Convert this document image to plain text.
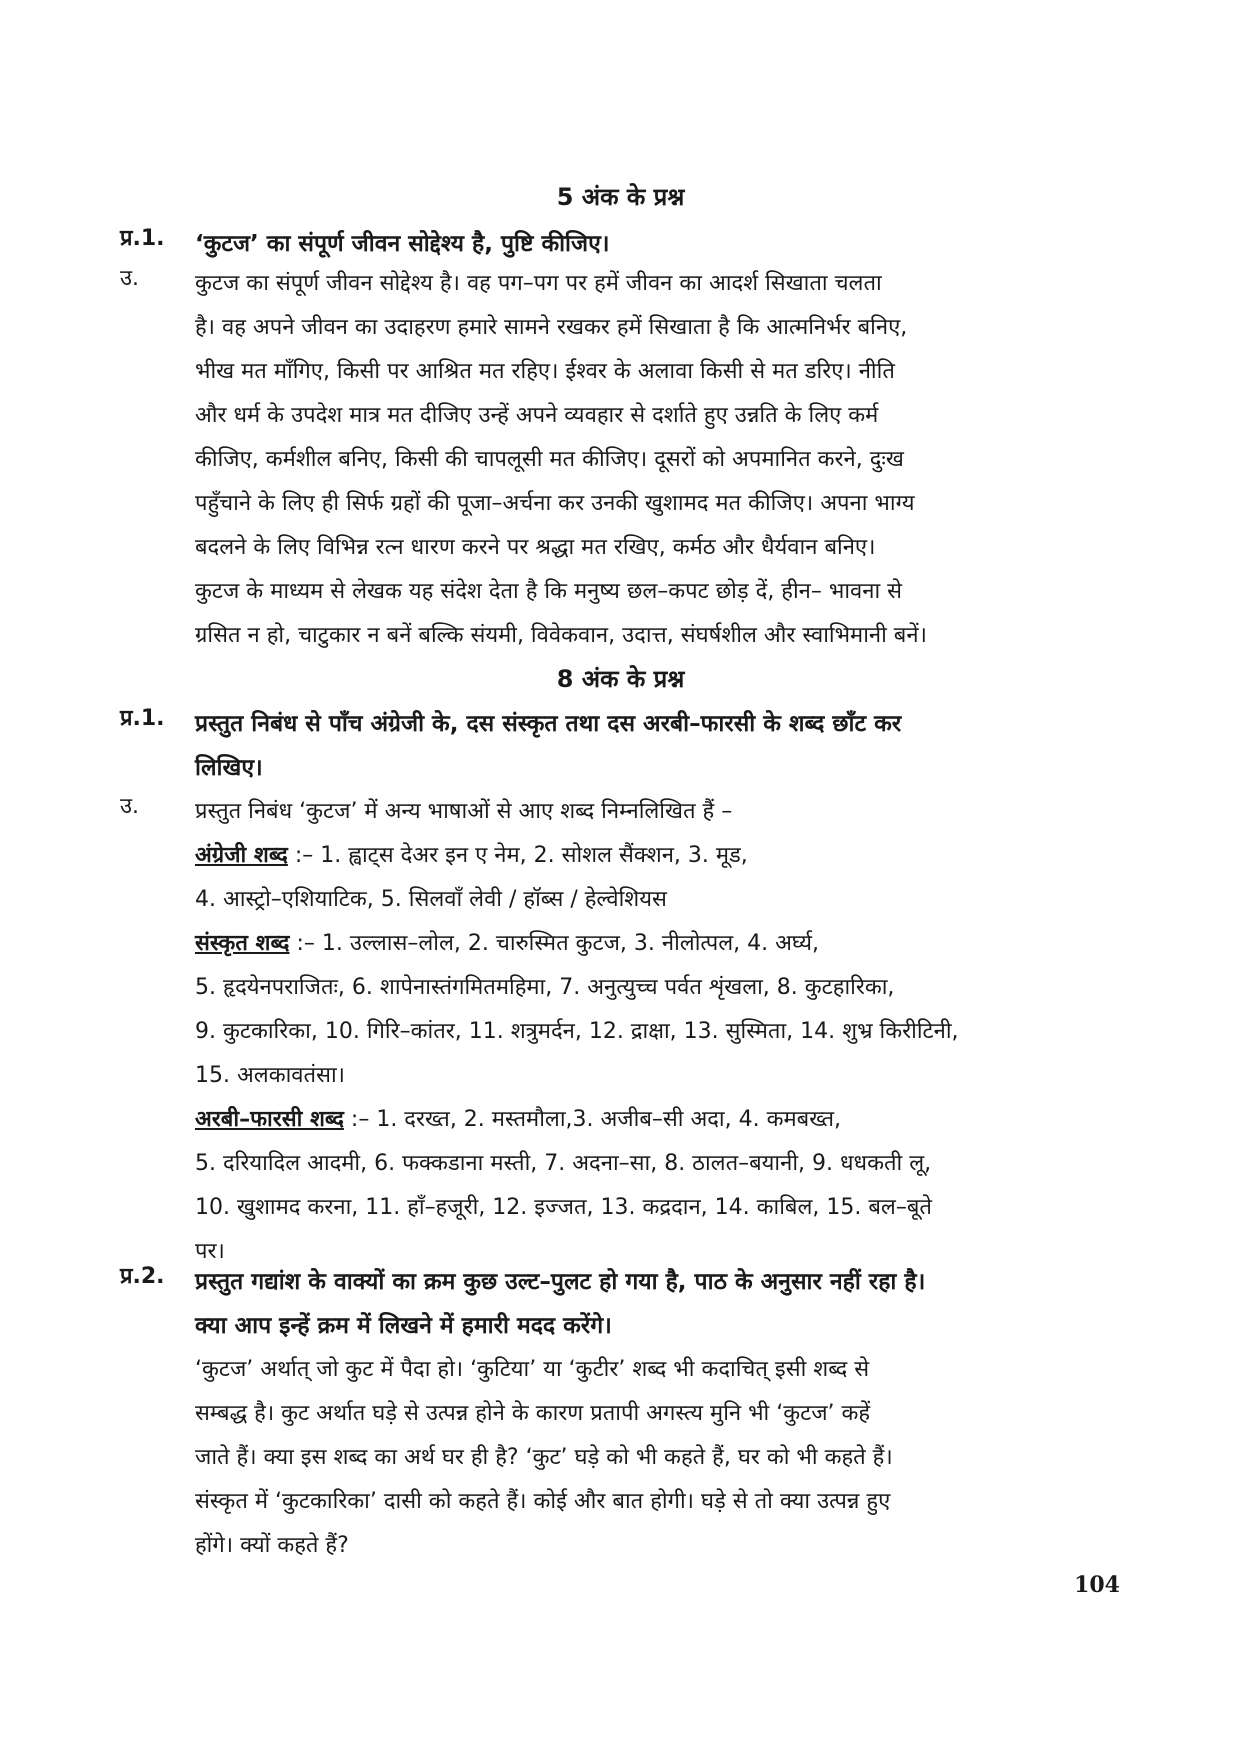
5 अंक के प्रश्न
प्र.1.	‘कुटज’ का संपूर्ण जीवन सोद्देश्य है, पुष्टि कीजिए।
उ.	कुटज का संपूर्ण जीवन सोद्देश्य है। वह पग–पग पर हमें जीवन का आदर्श सिखाता चलता
है। वह अपने जीवन का उदाहरण हमारे सामने रखकर हमें सिखाता है कि आत्मनिर्भर बनिए,
भीख मत माँगिए, किसी पर आश्रित मत रहिए। ईश्वर के अलावा किसी से मत डरिए। नीति
और धर्म के उपदेश मात्र मत दीजिए उन्हें अपने व्यवहार से दर्शाते हुए उन्नति के लिए कर्म
कीजिए, कर्मशील बनिए, किसी की चापलूसी मत कीजिए। दूसरों को अपमानित करने, दुःख
पहुँचाने के लिए ही सिर्फ ग्रहों की पूजा–अर्चना कर उनकी खुशामद मत कीजिए। अपना भाग्य
बदलने के लिए विभिन्न रत्न धारण करने पर श्रद्धा मत रखिए, कर्मठ और धैर्यवान बनिए।
कुटज के माध्यम से लेखक यह संदेश देता है कि मनुष्य छल–कपट छोड़ दें, हीन– भावना से
ग्रसित न हो, चाटुकार न बनें बल्कि संयमी, विवेकवान, उदात्त, संघर्षशील और स्वाभिमानी बनें।
8 अंक के प्रश्न
प्र.1.	प्रस्तुत निबंध से पाँच अंग्रेजी के, दस संस्कृत तथा दस अरबी–फारसी के शब्द छाँट कर
लिखिए।
उ.	प्रस्तुत निबंध ‘कुटज’ में अन्य भाषाओं से आए शब्द निम्नलिखित हैं –
अंग्रेजी शब्द :– 1. ह्वाट्स देअर इन ए नेम, 2. सोशल सैंक्शन, 3. मूड,
4. आस्ट्रो–एशियाटिक, 5. सिलवाँ लेवी / हॉब्स / हेल्वेशियस
संस्कृत शब्द :– 1. उल्लास–लोल, 2. चारुस्मित कुटज, 3. नीलोत्पल, 4. अर्घ्य,
5. हृदयेनपराजितः, 6. शापेनास्तंगमितमहिमा, 7. अनुत्युच्च पर्वत शृंखला, 8. कुटहारिका,
9. कुटकारिका, 10. गिरि–कांतर, 11. शत्रुमर्दन, 12. द्राक्षा, 13. सुस्मिता, 14. शुभ्र किरीटिनी,
15. अलकावतंसा।
अरबी–फारसी शब्द :– 1. दरख्त, 2. मस्तमौला,3. अजीब–सी अदा, 4. कमबख्त,
5. दरियादिल आदमी, 6. फक्कडाना मस्ती, 7. अदना–सा, 8. ठालत–बयानी, 9. धधकती लू,
10. खुशामद करना, 11. हाँ–हजूरी, 12. इज्जत, 13. कद्रदान, 14. काबिल, 15. बल–बूते
पर।
प्र.2.	प्रस्तुत गद्यांश के वाक्यों का क्रम कुछ उल्ट–पुलट हो गया है, पाठ के अनुसार नहीं रहा है।
क्या आप इन्हें क्रम में लिखने में हमारी मदद करेंगे।
‘कुटज’ अर्थात् जो कुट में पैदा हो। ‘कुटिया’ या ‘कुटीर’ शब्द भी कदाचित् इसी शब्द से
सम्बद्ध है। कुट अर्थात घड़े से उत्पन्न होने के कारण प्रतापी अगस्त्य मुनि भी ‘कुटज’ कहें
जाते हैं। क्या इस शब्द का अर्थ घर ही है? ‘कुट’ घड़े को भी कहते हैं, घर को भी कहते हैं।
संस्कृत में ‘कुटकारिका’ दासी को कहते हैं। कोई और बात होगी। घड़े से तो क्या उत्पन्न हुए
होंगे। क्यों कहते हैं?
104
